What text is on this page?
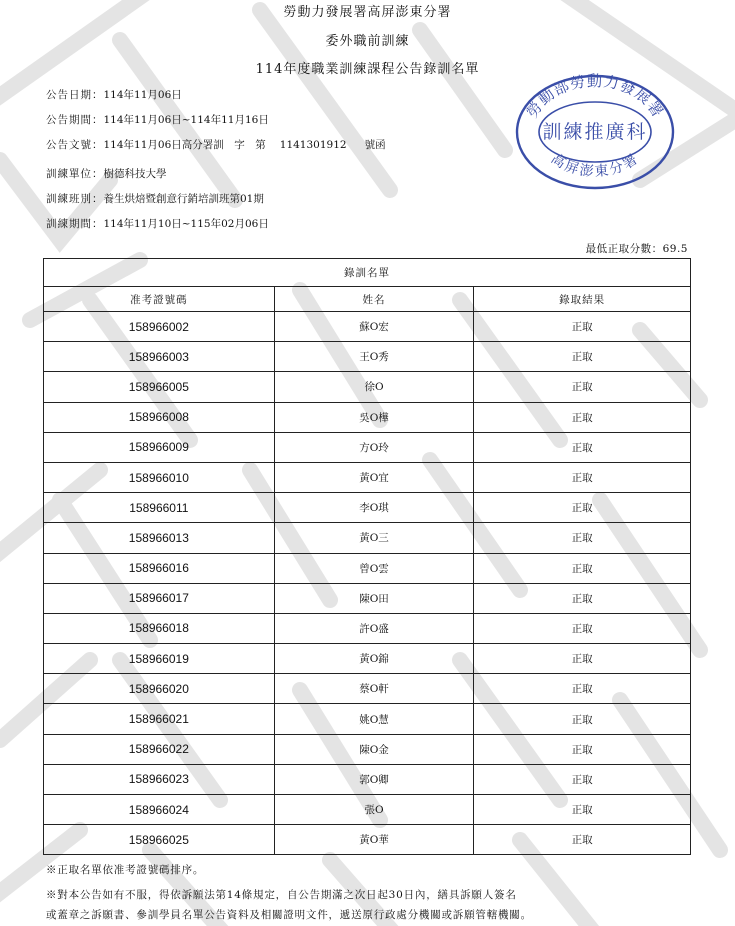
勞動力發展署高屏澎東分署
委外職前訓練
114年度職業訓練課程公告錄訓名單
公告日期：114年11月06日
公告期間：114年11月06日~114年11月16日
公告文號：114年11月06日高分署訓　字　第 1141301912 號函
訓練單位：樹德科技大學
訓練班別：養生烘焙暨創意行銷培訓班第01期
訓練期間：114年11月10日~115年02月06日
勞動部勞動力發展署
訓練推廣科
高屏澎東分署
最低正取分數：69.5
錄訓名單		
准考證號碼	姓名	錄取結果
158966002	蘇O宏	正取
158966003	王O秀	正取
158966005	徐O	正取
158966008	吳O樺	正取
158966009	方O玲	正取
158966010	黃O宜	正取
158966011	李O琪	正取
158966013	黃O三	正取
158966016	曾O雲	正取
158966017	陳O田	正取
158966018	許O盛	正取
158966019	黃O錦	正取
158966020	蔡O軒	正取
158966021	姚O慧	正取
158966022	陳O金	正取
158966023	郭O卿	正取
158966024	張O	正取
158966025	黃O華	正取
※正取名單依准考證號碼排序。
※對本公告如有不服，得依訴願法第14條規定，自公告期滿之次日起30日內，繕具訴願人簽名
或蓋章之訴願書、參訓學員名單公告資料及相關證明文件，遞送原行政處分機關或訴願管轄機關。
